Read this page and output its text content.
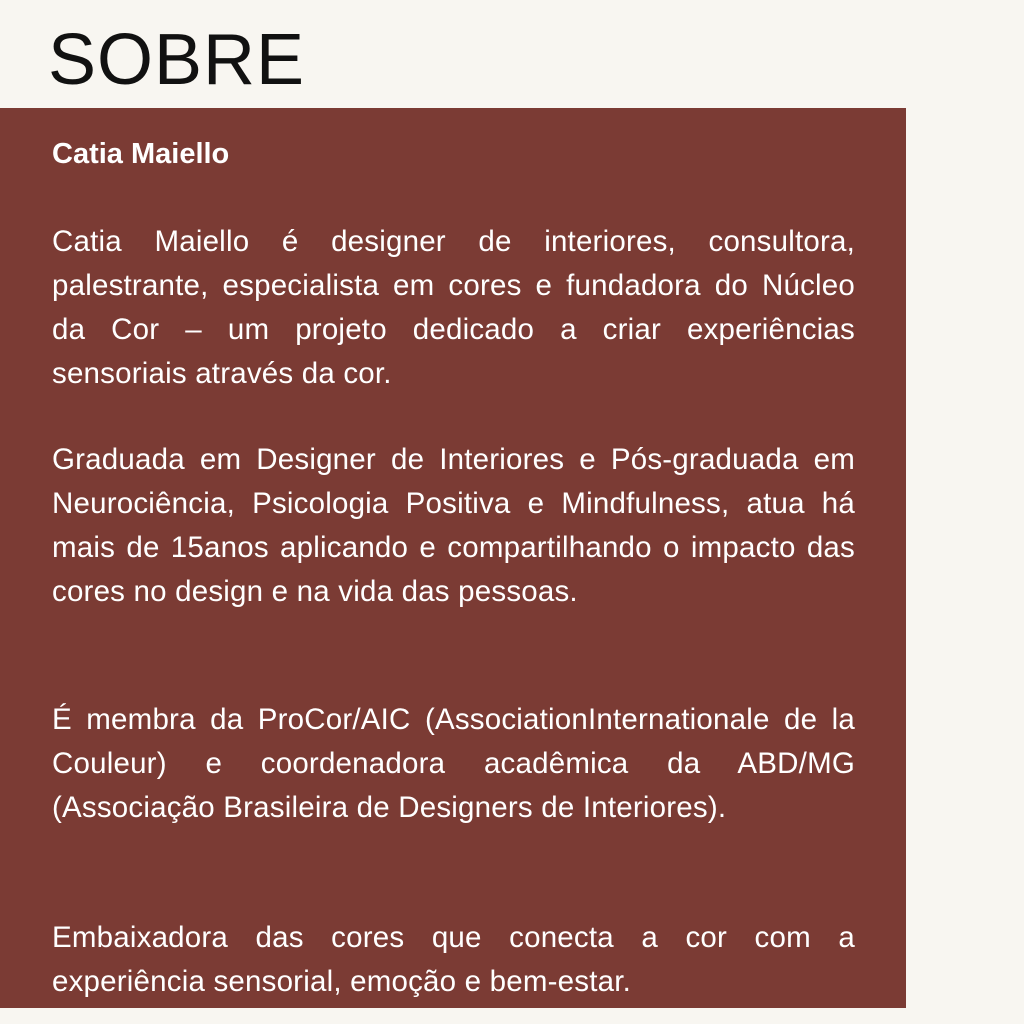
SOBRE
Catia Maiello

Catia Maiello é designer de interiores, consultora, palestrante, especialista em cores e fundadora do Núcleo da Cor – um projeto dedicado a criar experiências sensoriais através da cor.

Graduada em Designer de Interiores e Pós-graduada em Neurociência, Psicologia Positiva e Mindfulness, atua há mais de 15anos aplicando e compartilhando o impacto das cores no design e na vida das pessoas.

É membra da ProCor/AIC (AssociationInternationale de la Couleur) e coordenadora acadêmica da ABD/MG (Associação Brasileira de Designers de Interiores).

Embaixadora das cores que conecta a cor com a experiência sensorial, emoção e bem-estar.
